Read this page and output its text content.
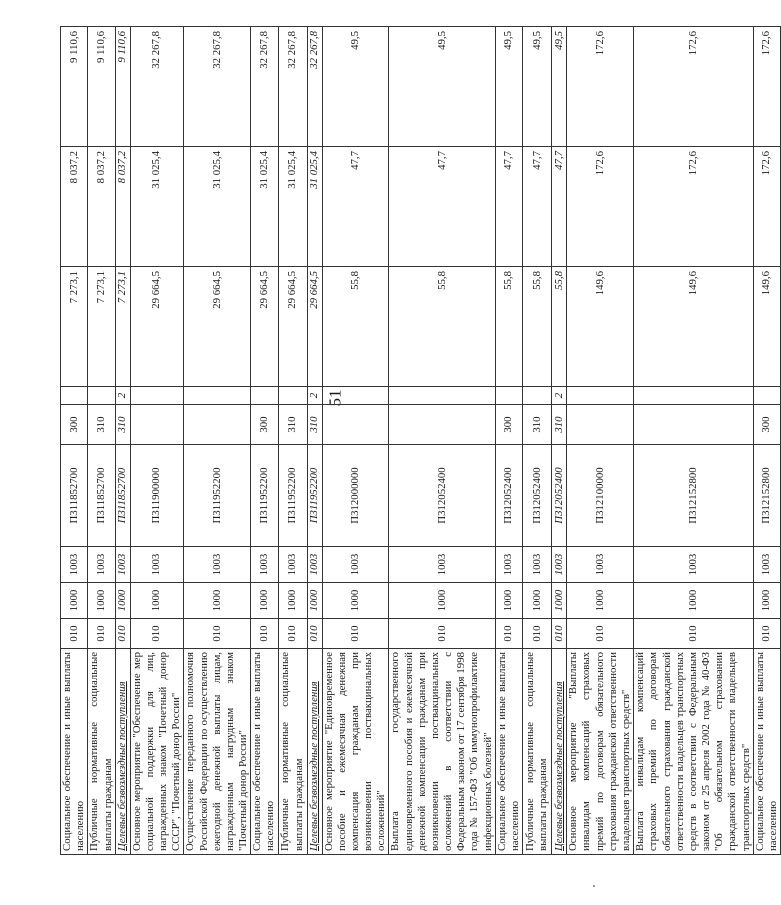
51
Социальное обеспечение и иные выплаты населению	010	1000	1003	П311852700	300		7 273,1	8 037,2	9 110,6
Публичные нормативные социальные выплаты гражданам	010	1000	1003	П311852700	310		7 273,1	8 037,2	9 110,6
Целевые безвозмездные поступления	010	1000	1003	П311852700	310	2	7 273,1	8 037,2	9 110,6
Основное мероприятие "Обеспечение мер социальной поддержки для лиц, награжденных знаком "Почетный донор СССР", "Почетный донор России"	010	1000	1003	П311900000			29 664,5	31 025,4	32 267,8
Осуществление переданного полномочия Российской Федерации по осуществлению ежегодной денежной выплаты лицам, награжденным нагрудным знаком "Почетный донор России"	010	1000	1003	П311952200			29 664,5	31 025,4	32 267,8
Социальное обеспечение и иные выплаты населению	010	1000	1003	П311952200	300		29 664,5	31 025,4	32 267,8
Публичные нормативные социальные выплаты гражданам	010	1000	1003	П311952200	310		29 664,5	31 025,4	32 267,8
Целевые безвозмездные поступления	010	1000	1003	П311952200	310	2	29 664,5	31 025,4	32 267,8
Основное мероприятие "Единовременное пособие и ежемесячная денежная компенсация гражданам при возникновении поствакцинальных осложнений"	010	1000	1003	П312000000			55,8	47,7	49,5
Выплата государственного единовременного пособия и ежемесячной денежной компенсации гражданам при возникновении поствакцинальных осложнений в соответствии с Федеральным законом от 17 сентября 1998 года № 157-ФЗ "Об иммунопрофилактике инфекционных болезней"	010	1000	1003	П312052400			55,8	47,7	49,5
Социальное обеспечение и иные выплаты населению	010	1000	1003	П312052400	300		55,8	47,7	49,5
Публичные нормативные социальные выплаты гражданам	010	1000	1003	П312052400	310		55,8	47,7	49,5
Целевые безвозмездные поступления	010	1000	1003	П312052400	310	2	55,8	47,7	49,5
Основное мероприятие "Выплаты инвалидам компенсаций страховых премий по договорам обязательного страхования гражданской ответственности владельцев транспортных средств"	010	1000	1003	П312100000			149,6	172,6	172,6
Выплата инвалидам компенсаций страховых премий по договорам обязательного страхования гражданской ответственности владельцев транспортных средств в соответствии с Федеральным законом от 25 апреля 2002 года № 40-ФЗ "Об обязательном страховании гражданской ответственности владельцев транспортных средств"	010	1000	1003	П312152800			149,6	172,6	172,6
Социальное обеспечение и иные выплаты населению	010	1000	1003	П312152800	300		149,6	172,6	172,6
